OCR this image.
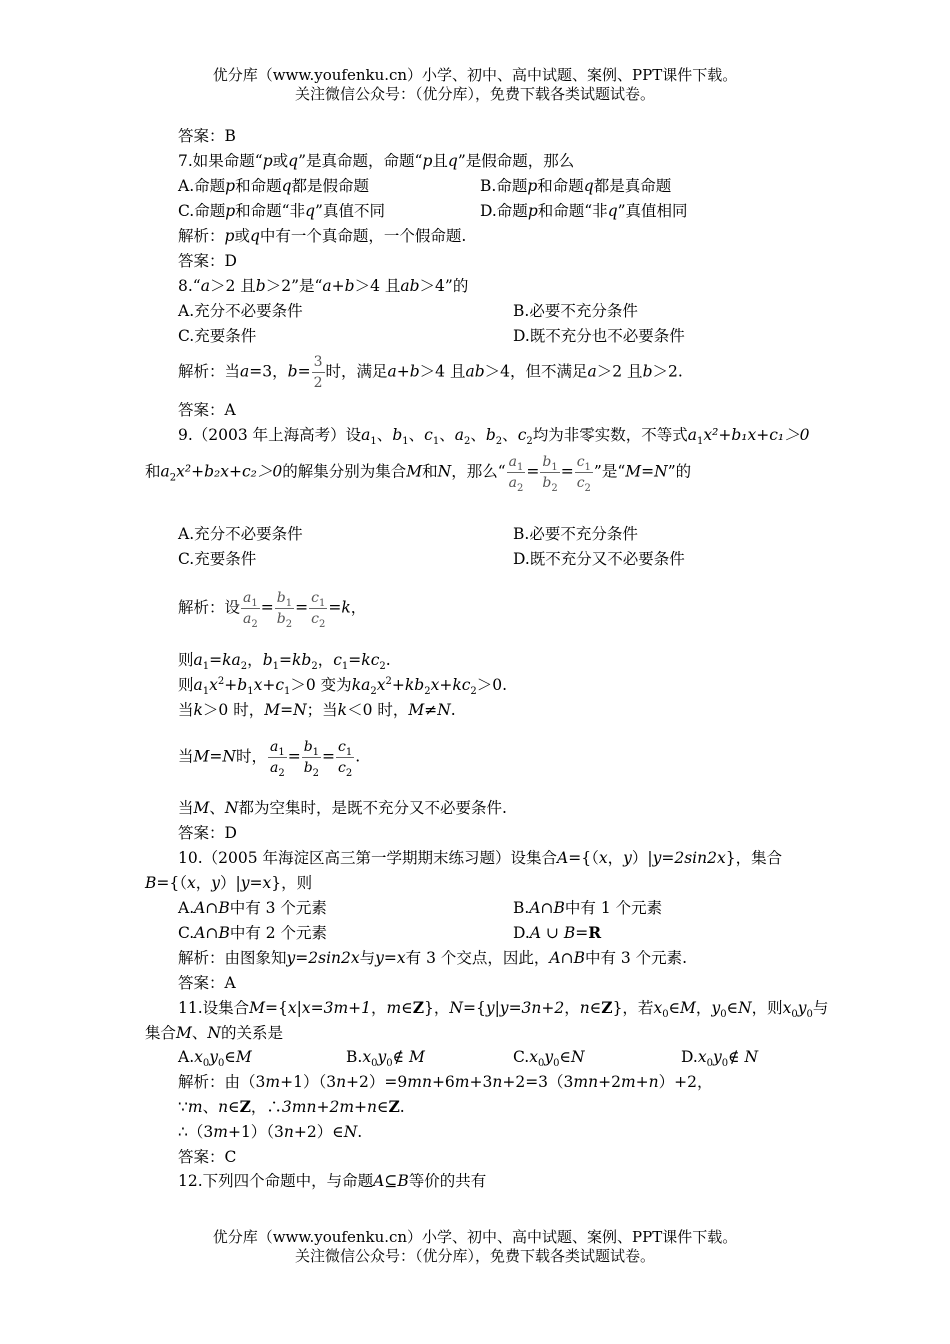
优分库（www.youfenku.cn）小学、初中、高中试题、案例、PPT课件下载。
关注微信公众号：（优分库），免费下载各类试题试卷。
答案：B
7.如果命题“p或q”是真命题，命题“p且q”是假命题，那么
A.命题p和命题q都是假命题	B.命题p和命题q都是真命题
C.命题p和命题“非q”真值不同	D.命题p和命题“非q”真值相同
解析：p或q中有一个真命题，一个假命题.
答案：D
8.“a＞2 且b＞2”是“a+b＞4 且ab＞4”的
A.充分不必要条件	B.必要不充分条件
C.充要条件	D.既不充分也不必要条件
解析：当a=3，$b= \frac{3}{2}$ 时，满足a+b＞4 且ab＞4，但不满足a＞2 且b＞2.
答案：A
9.（2003 年上海高考）设$a_1$、$b_1$、$c_1$、$a_2$、$b_2$、$c_2$均为非零实数，不等式$a_1x^2+b_1x+c_1>0$
和$a_2x^2+b_2x+c_2>0$的解集分别为集合M和N，那么“ $\frac{a_1}{a_2} = \frac{b_1}{b_2} = \frac{c_1}{c_2}$ ”是“M=N”的
A.充分不必要条件	B.必要不充分条件
C.充要条件	D.既不充分又不必要条件
解析：设 $\frac{a_1}{a_2} = \frac{b_1}{b_2} = \frac{c_1}{c_2} =k$，
则$a_1=ka_2$，$b_1=kb_2$，$c_1=kc_2$.
则$a_1x^2+b_1x+c_1>0$ 变为$ka_2x^2+kb_2x+kc_2>0$.
当k＞0 时，M=N；当k＜0 时，M≠N.
当M=N时， $\frac{a_1}{a_2} = \frac{b_1}{b_2} = \frac{c_1}{c_2}$ .
当M、N都为空集时，是既不充分又不必要条件.
答案：D
10.（2005 年海淀区高三第一学期期末练习题）设集合A={（x，y）|y=2sin2x}，集合
B={（x，y）|y=x}，则
A.A∩B中有 3 个元素	B.A∩B中有 1 个元素
C.A∩B中有 2 个元素	D.A ∪ B=R
解析：由图象知y=2sin2x与y=x有 3 个交点，因此，A∩B中有 3 个元素.
答案：A
11.设集合M={x|x=3m+1，m∈Z}，N={y|y=3n+2，n∈Z}，若$x_0\in M$，$y_0\in N$，则$x_0y_0$与
集合M、N的关系是
$A.x_0y_0\in M$	$B.x_0y_0\notin$ M	$C.x_0y_0\in N$	$D.x_0y_0\notin$ N
解析：由（3m+1）（3n+2）=9mn+6m+3n+2=3（3mn+2m+n）+2，
∵m、n∈Z，∴3mn+2m+n∈Z.
∴（3m+1）（3n+2）∈N.
答案：C
12.下列四个命题中，与命题A⊆B等价的共有
优分库（www.youfenku.cn）小学、初中、高中试题、案例、PPT课件下载。
关注微信公众号：（优分库），免费下载各类试题试卷。
